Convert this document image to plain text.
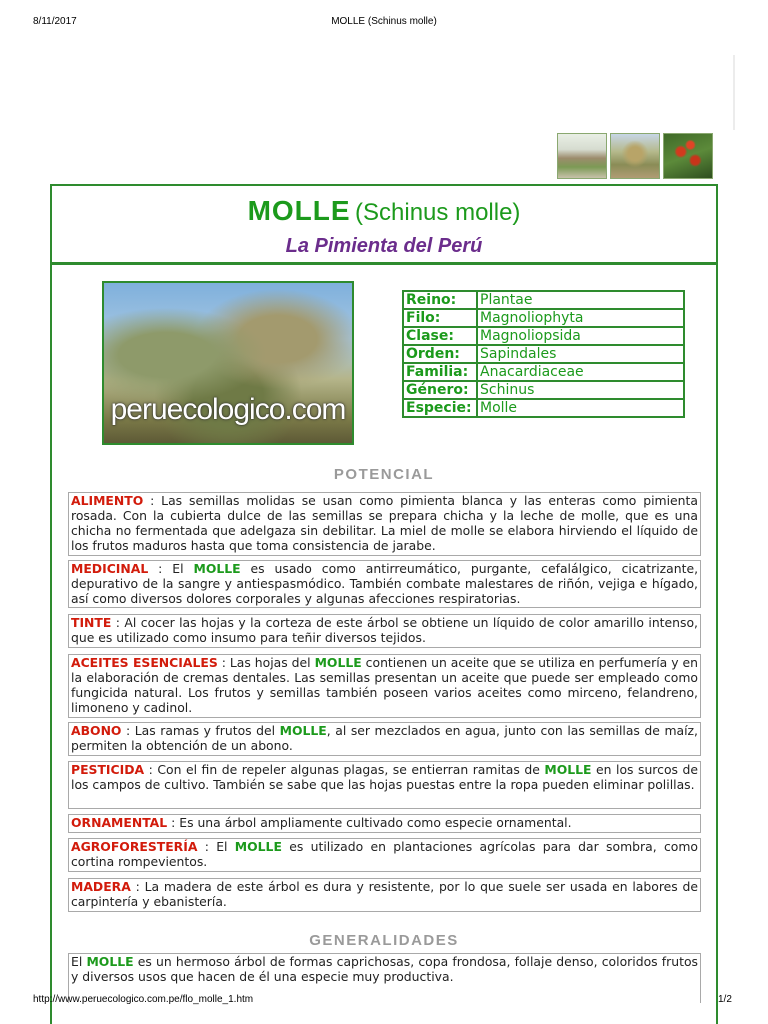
8/11/2017	MOLLE (Schinus molle)
MOLLE (Schinus molle)
La Pimienta del Perú
peruecologico.com
Reino:	Plantae
Filo:	Magnoliophyta
Clase:	Magnoliopsida
Orden:	Sapindales
Familia:	Anacardiaceae
Género:	Schinus
Especie:	Molle
POTENCIAL
ALIMENTO : Las semillas molidas se usan como pimienta blanca y las enteras como pimienta rosada. Con la cubierta dulce de las semillas se prepara chicha y la leche de molle, que es una chicha no fermentada que adelgaza sin debilitar. La miel de molle se elabora hirviendo el líquido de los frutos maduros hasta que toma consistencia de jarabe.
MEDICINAL : El MOLLE es usado como antirreumático, purgante, cefalálgico, cicatrizante, depurativo de la sangre y antiespasmódico. También combate malestares de riñón, vejiga e hígado, así como diversos dolores corporales y algunas afecciones respiratorias.
TINTE : Al cocer las hojas y la corteza de este árbol se obtiene un líquido de color amarillo intenso, que es utilizado como insumo para teñir diversos tejidos.
ACEITES ESENCIALES : Las hojas del MOLLE contienen un aceite que se utiliza en perfumería y en la elaboración de cremas dentales. Las semillas presentan un aceite que puede ser empleado como fungicida natural. Los frutos y semillas también poseen varios aceites como mirceno, felandreno, limoneno y cadinol.
ABONO : Las ramas y frutos del MOLLE, al ser mezclados en agua, junto con las semillas de maíz, permiten la obtención de un abono.
PESTICIDA : Con el fin de repeler algunas plagas, se entierran ramitas de MOLLE en los surcos de los campos de cultivo. También se sabe que las hojas puestas entre la ropa pueden eliminar polillas.
ORNAMENTAL : Es una árbol ampliamente cultivado como especie ornamental.
AGROFORESTERÍA : El MOLLE es utilizado en plantaciones agrícolas para dar sombra, como cortina rompevientos.
MADERA : La madera de este árbol es dura y resistente, por lo que suele ser usada en labores de carpintería y ebanistería.
GENERALIDADES
El MOLLE es un hermoso árbol de formas caprichosas, copa frondosa, follaje denso, coloridos frutos y diversos usos que hacen de él una especie muy productiva.
http://www.peruecologico.com.pe/flo_molle_1.htm	1/2
